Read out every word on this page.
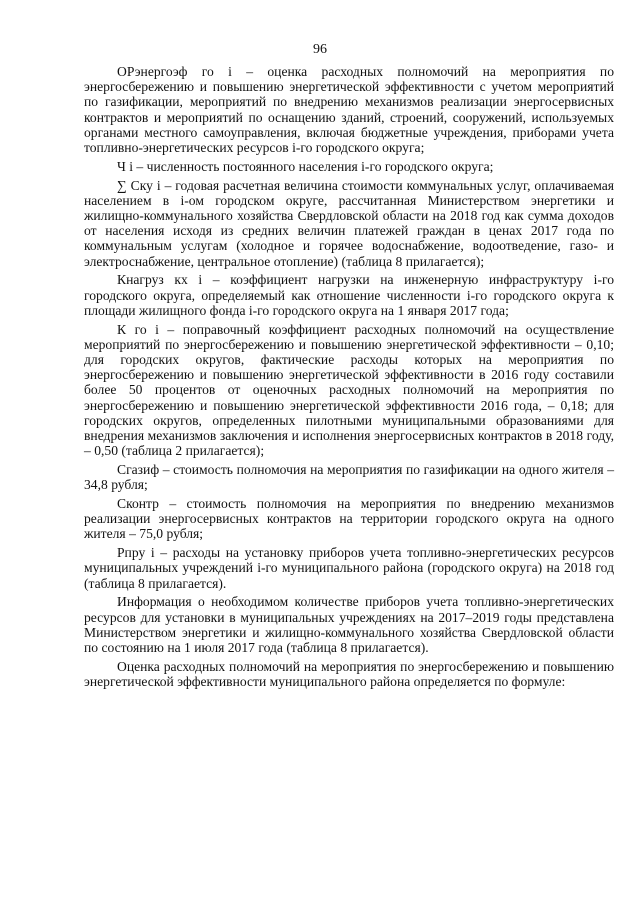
96

ОРэнергоэф го i – оценка расходных полномочий на мероприятия по энергосбережению и повышению энергетической эффективности с учетом мероприятий по газификации, мероприятий по внедрению механизмов реализации энергосервисных контрактов и мероприятий по оснащению зданий, строений, сооружений, используемых органами местного самоуправления, включая бюджетные учреждения, приборами учета топливно-энергетических ресурсов i-го городского округа;

Ч i – численность постоянного населения i-го городского округа;

∑ Ску i – годовая расчетная величина стоимости коммунальных услуг, оплачиваемая населением в i-ом городском округе, рассчитанная Министерством энергетики и жилищно-коммунального хозяйства Свердловской области на 2018 год как сумма доходов от населения исходя из средних величин платежей граждан в ценах 2017 года по коммунальным услугам (холодное и горячее водоснабжение, водоотведение, газо- и электроснабжение, центральное отопление) (таблица 8 прилагается);

Кнагруз кх i – коэффициент нагрузки на инженерную инфраструктуру i-го городского округа, определяемый как отношение численности i-го городского округа к площади жилищного фонда i-го городского округа на 1 января 2017 года;

К го i – поправочный коэффициент расходных полномочий на осуществление мероприятий по энергосбережению и повышению энергетической эффективности – 0,10; для городских округов, фактические расходы которых на мероприятия по энергосбережению и повышению энергетической эффективности в 2016 году составили более 50 процентов от оценочных расходных полномочий на мероприятия по энергосбережению и повышению энергетической эффективности 2016 года, – 0,18; для городских округов, определенных пилотными муниципальными образованиями для внедрения механизмов заключения и исполнения энергосервисных контрактов в 2018 году, – 0,50 (таблица 2 прилагается);

Сгазиф – стоимость полномочия на мероприятия по газификации на одного жителя – 34,8 рубля;

Сконтр – стоимость полномочия на мероприятия по внедрению механизмов реализации энергосервисных контрактов на территории городского округа на одного жителя – 75,0 рубля;

Рпру i – расходы на установку приборов учета топливно-энергетических ресурсов муниципальных учреждений i-го муниципального района (городского округа) на 2018 год (таблица 8 прилагается).

Информация о необходимом количестве приборов учета топливно-энергетических ресурсов для установки в муниципальных учреждениях на 2017–2019 годы представлена Министерством энергетики и жилищно-коммунального хозяйства Свердловской области по состоянию на 1 июля 2017 года (таблица 8 прилагается).

Оценка расходных полномочий на мероприятия по энергосбережению и повышению энергетической эффективности муниципального района определяется по формуле:
